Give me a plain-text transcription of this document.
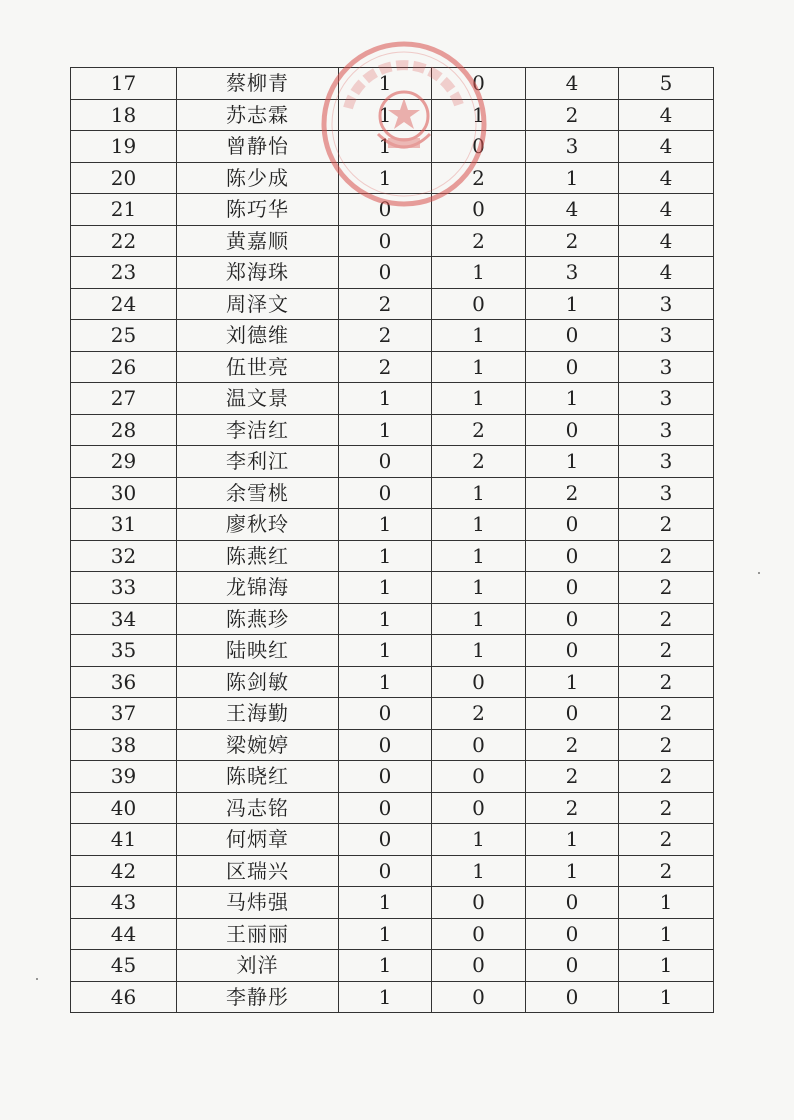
17	蔡柳青	1	0	4	5
18	苏志霖	1	1	2	4
19	曾静怡	1	0	3	4
20	陈少成	1	2	1	4
21	陈巧华	0	0	4	4
22	黄嘉顺	0	2	2	4
23	郑海珠	0	1	3	4
24	周泽文	2	0	1	3
25	刘德维	2	1	0	3
26	伍世亮	2	1	0	3
27	温文景	1	1	1	3
28	李洁红	1	2	0	3
29	李利江	0	2	1	3
30	余雪桃	0	1	2	3
31	廖秋玲	1	1	0	2
32	陈燕红	1	1	0	2
33	龙锦海	1	1	0	2
34	陈燕珍	1	1	0	2
35	陆映红	1	1	0	2
36	陈剑敏	1	0	1	2
37	王海勤	0	2	0	2
38	梁婉婷	0	0	2	2
39	陈晓红	0	0	2	2
40	冯志铭	0	0	2	2
41	何炳章	0	1	1	2
42	区瑞兴	0	1	1	2
43	马炜强	1	0	0	1
44	王丽丽	1	0	0	1
45	刘洋	1	0	0	1
46	李静彤	1	0	0	1
